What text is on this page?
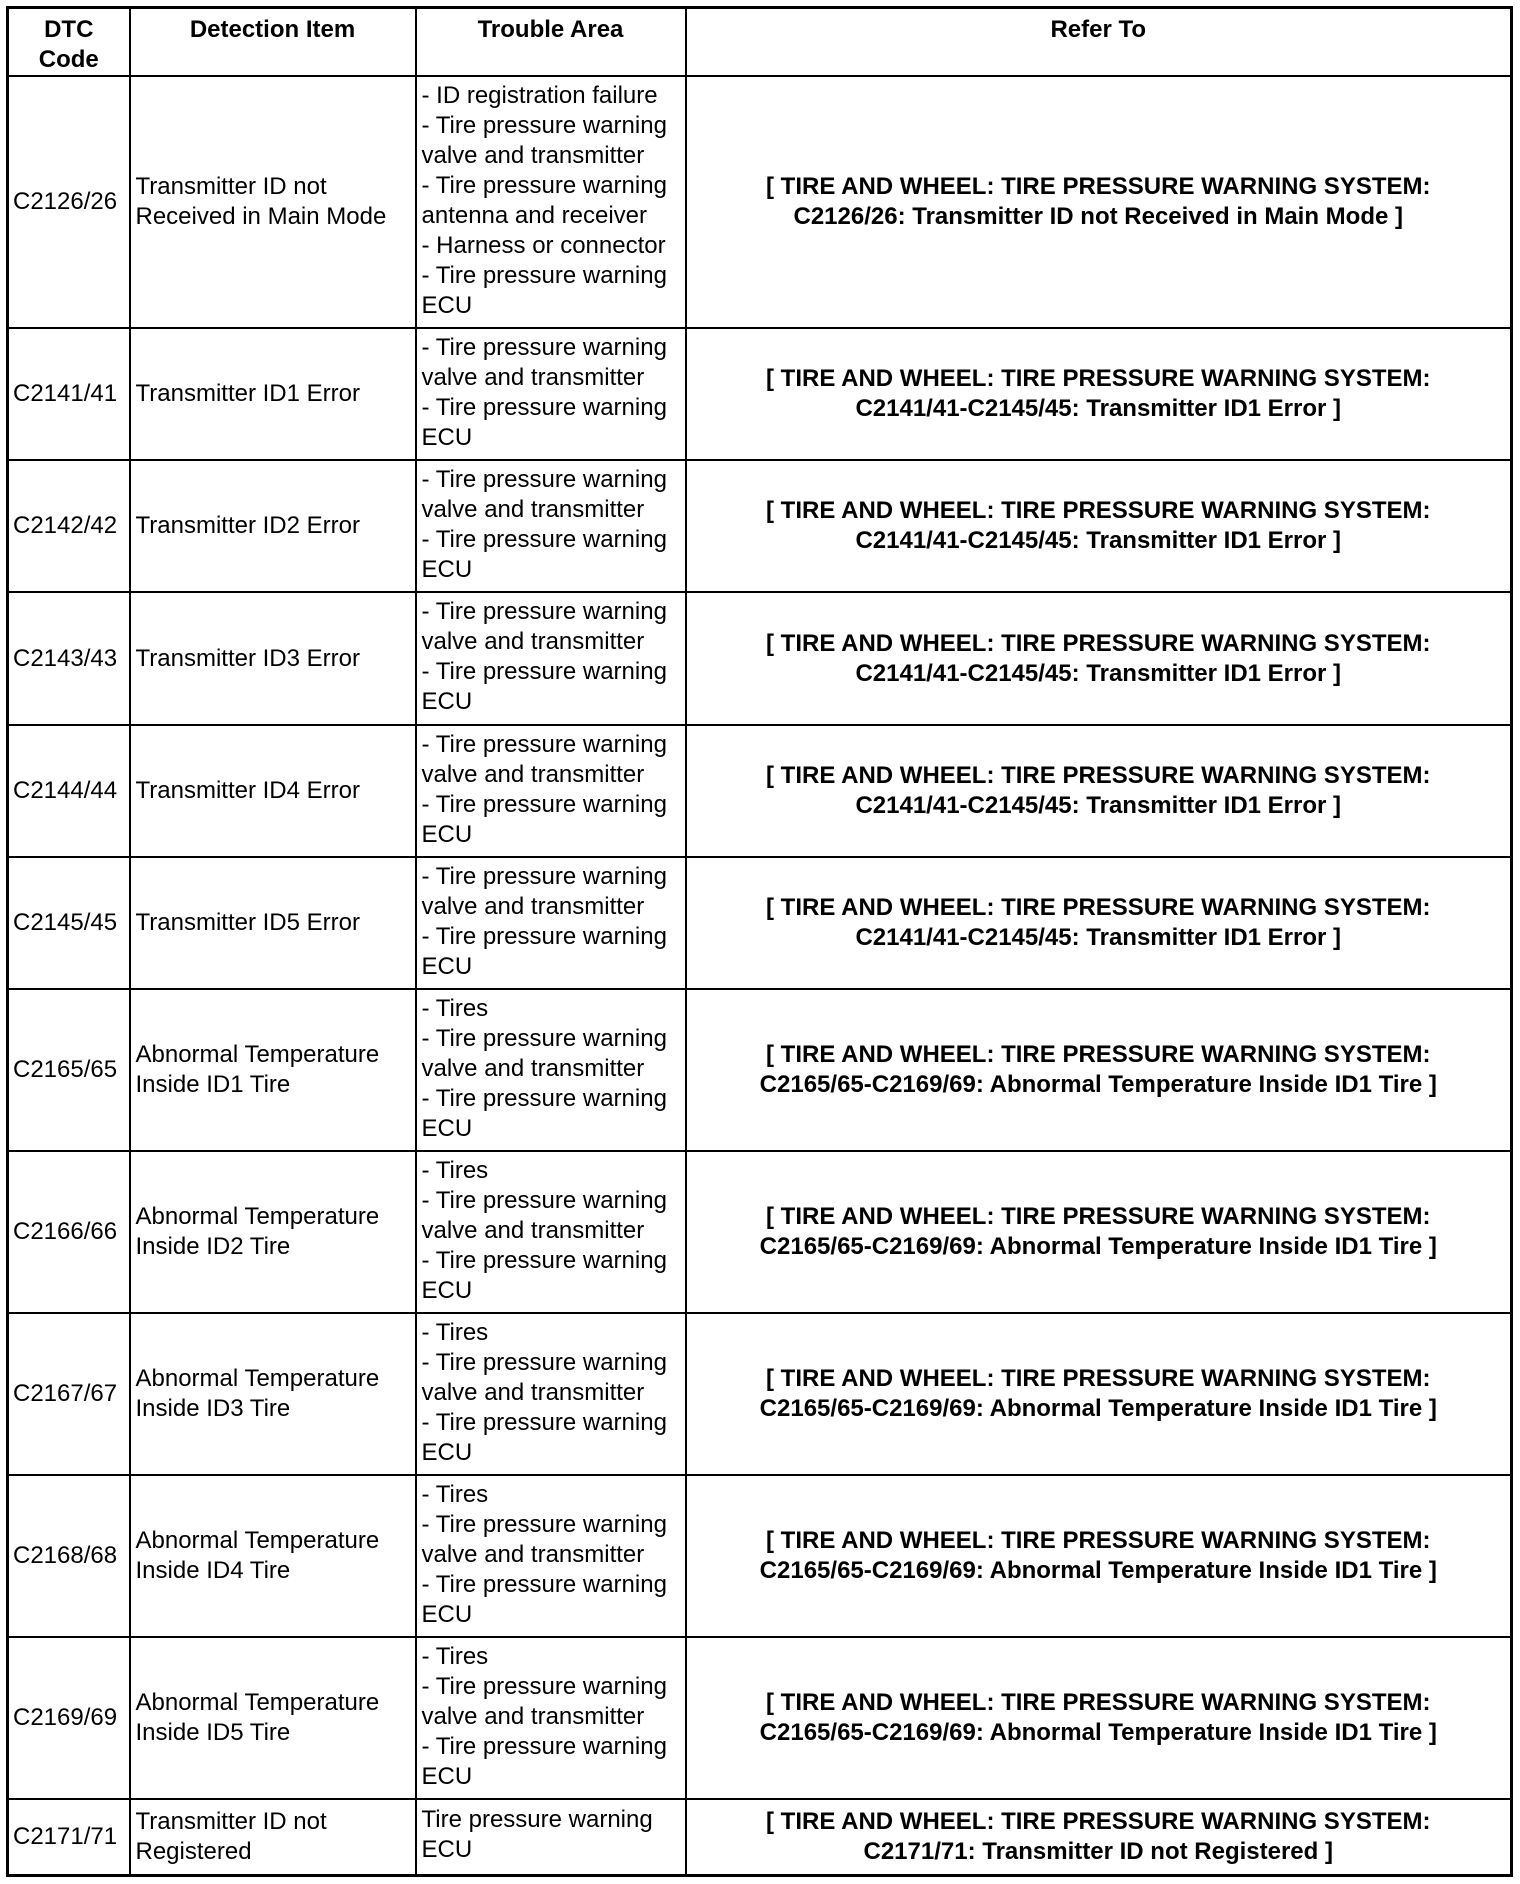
DTC
Code	Detection Item	Trouble Area	Refer To

C2126/26	Transmitter ID not Received in Main Mode	- ID registration failure
- Tire pressure warning valve and transmitter
- Tire pressure warning antenna and receiver
- Harness or connector
- Tire pressure warning ECU	[ TIRE AND WHEEL: TIRE PRESSURE WARNING SYSTEM:
C2126/26: Transmitter ID not Received in Main Mode ]

C2141/41	Transmitter ID1 Error	- Tire pressure warning valve and transmitter
- Tire pressure warning ECU	[ TIRE AND WHEEL: TIRE PRESSURE WARNING SYSTEM:
C2141/41-C2145/45: Transmitter ID1 Error ]

C2142/42	Transmitter ID2 Error	- Tire pressure warning valve and transmitter
- Tire pressure warning ECU	[ TIRE AND WHEEL: TIRE PRESSURE WARNING SYSTEM:
C2141/41-C2145/45: Transmitter ID1 Error ]

C2143/43	Transmitter ID3 Error	- Tire pressure warning valve and transmitter
- Tire pressure warning ECU	[ TIRE AND WHEEL: TIRE PRESSURE WARNING SYSTEM:
C2141/41-C2145/45: Transmitter ID1 Error ]

C2144/44	Transmitter ID4 Error	- Tire pressure warning valve and transmitter
- Tire pressure warning ECU	[ TIRE AND WHEEL: TIRE PRESSURE WARNING SYSTEM:
C2141/41-C2145/45: Transmitter ID1 Error ]

C2145/45	Transmitter ID5 Error	- Tire pressure warning valve and transmitter
- Tire pressure warning ECU	[ TIRE AND WHEEL: TIRE PRESSURE WARNING SYSTEM:
C2141/41-C2145/45: Transmitter ID1 Error ]

C2165/65	Abnormal Temperature Inside ID1 Tire	- Tires
- Tire pressure warning valve and transmitter
- Tire pressure warning ECU	[ TIRE AND WHEEL: TIRE PRESSURE WARNING SYSTEM:
C2165/65-C2169/69: Abnormal Temperature Inside ID1 Tire ]

C2166/66	Abnormal Temperature Inside ID2 Tire	- Tires
- Tire pressure warning valve and transmitter
- Tire pressure warning ECU	[ TIRE AND WHEEL: TIRE PRESSURE WARNING SYSTEM:
C2165/65-C2169/69: Abnormal Temperature Inside ID1 Tire ]

C2167/67	Abnormal Temperature Inside ID3 Tire	- Tires
- Tire pressure warning valve and transmitter
- Tire pressure warning ECU	[ TIRE AND WHEEL: TIRE PRESSURE WARNING SYSTEM:
C2165/65-C2169/69: Abnormal Temperature Inside ID1 Tire ]

C2168/68	Abnormal Temperature Inside ID4 Tire	- Tires
- Tire pressure warning valve and transmitter
- Tire pressure warning ECU	[ TIRE AND WHEEL: TIRE PRESSURE WARNING SYSTEM:
C2165/65-C2169/69: Abnormal Temperature Inside ID1 Tire ]

C2169/69	Abnormal Temperature Inside ID5 Tire	- Tires
- Tire pressure warning valve and transmitter
- Tire pressure warning ECU	[ TIRE AND WHEEL: TIRE PRESSURE WARNING SYSTEM:
C2165/65-C2169/69: Abnormal Temperature Inside ID1 Tire ]

C2171/71	Transmitter ID not Registered	Tire pressure warning ECU	[ TIRE AND WHEEL: TIRE PRESSURE WARNING SYSTEM:
C2171/71: Transmitter ID not Registered ]
